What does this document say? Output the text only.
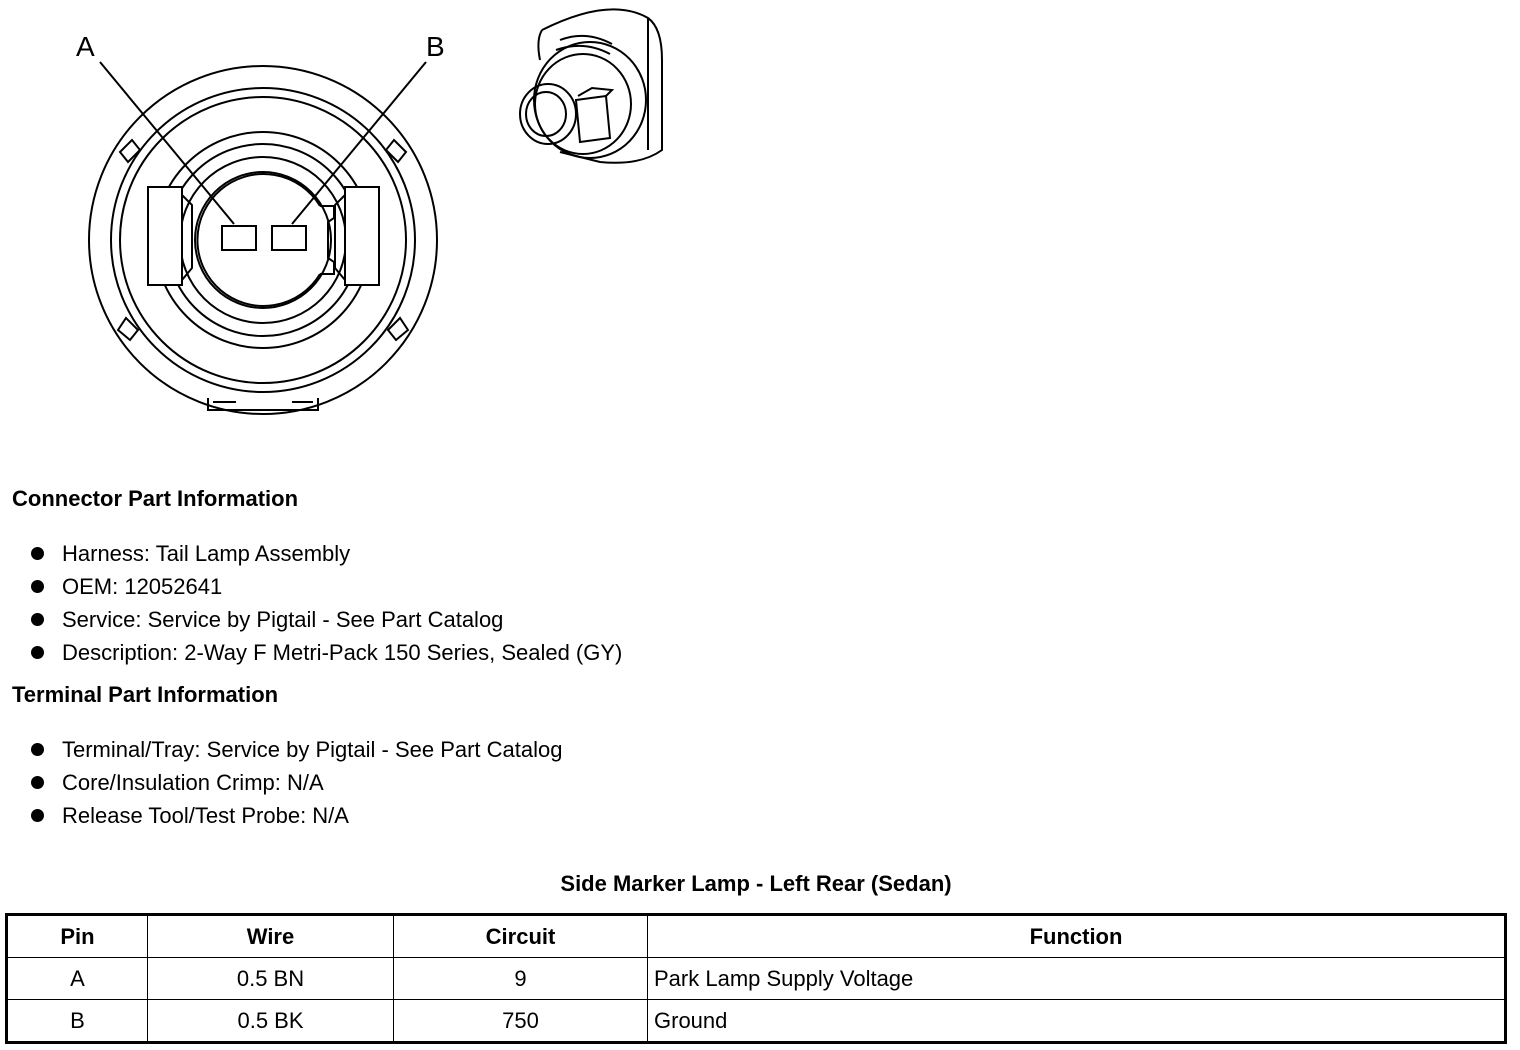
A	B
Connector Part Information
Harness: Tail Lamp Assembly
OEM: 12052641
Service: Service by Pigtail - See Part Catalog
Description: 2-Way F Metri-Pack 150 Series, Sealed (GY)
Terminal Part Information
Terminal/Tray: Service by Pigtail - See Part Catalog
Core/Insulation Crimp: N/A
Release Tool/Test Probe: N/A
Side Marker Lamp - Left Rear (Sedan)
Pin	Wire	Circuit	Function
A	0.5 BN	9	Park Lamp Supply Voltage
B	0.5 BK	750	Ground
